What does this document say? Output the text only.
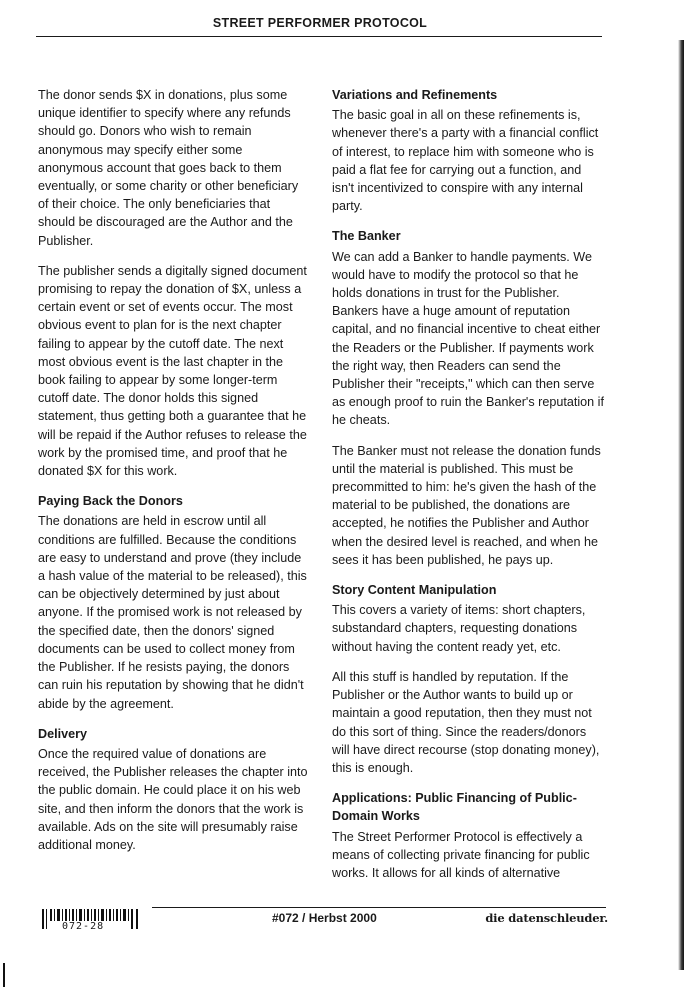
STREET PERFORMER PROTOCOL

The donor sends $X in donations, plus some unique identifier to specify where any refunds should go. Donors who wish to remain anonymous may specify either some anonymous account that goes back to them eventually, or some charity or other beneficiary of their choice. The only beneficiaries that should be discouraged are the Author and the Publisher.

The publisher sends a digitally signed document promising to repay the donation of $X, unless a certain event or set of events occur. The most obvious event to plan for is the next chapter failing to appear by the cutoff date. The next most obvious event is the last chapter in the book failing to appear by some longer-term cutoff date. The donor holds this signed statement, thus getting both a guarantee that he will be repaid if the Author refuses to release the work by the promised time, and proof that he donated $X for this work.

Paying Back the Donors

The donations are held in escrow until all conditions are fulfilled. Because the conditions are easy to understand and prove (they include a hash value of the material to be released), this can be objectively determined by just about anyone. If the promised work is not released by the specified date, then the donors' signed documents can be used to collect money from the Publisher. If he resists paying, the donors can ruin his reputation by showing that he didn't abide by the agreement.

Delivery

Once the required value of donations are received, the Publisher releases the chapter into the public domain. He could place it on his web site, and then inform the donors that the work is available. Ads on the site will presumably raise additional money.

Variations and Refinements

The basic goal in all on these refinements is, whenever there's a party with a financial conflict of interest, to replace him with someone who is paid a flat fee for carrying out a function, and isn't incentivized to conspire with any internal party.

The Banker

We can add a Banker to handle payments. We would have to modify the protocol so that he holds donations in trust for the Publisher. Bankers have a huge amount of reputation capital, and no financial incentive to cheat either the Readers or the Publisher. If payments work the right way, then Readers can send the Publisher their "receipts," which can then serve as enough proof to ruin the Banker's reputation if he cheats.

The Banker must not release the donation funds until the material is published. This must be precommitted to him: he's given the hash of the material to be published, the donations are accepted, he notifies the Publisher and Author when the desired level is reached, and when he sees it has been published, he pays up.

Story Content Manipulation

This covers a variety of items: short chapters, substandard chapters, requesting donations without having the content ready yet, etc.

All this stuff is handled by reputation. If the Publisher or the Author wants to build up or maintain a good reputation, then they must not do this sort of thing. Since the readers/donors will have direct recourse (stop donating money), this is enough.

Applications: Public Financing of Public-Domain Works

The Street Performer Protocol is effectively a means of collecting private financing for public works. It allows for all kinds of alternative

072-28
#072 / Herbst 2000	die datenschleuder.
